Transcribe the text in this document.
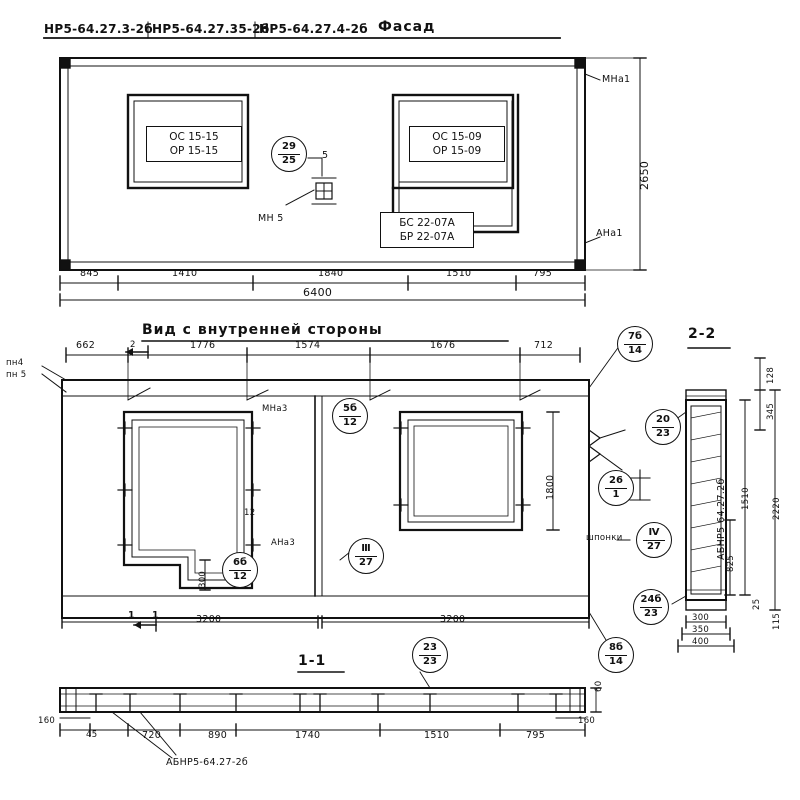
НР5-64.27.3-2б НР5-64.27.35-2б
НР5-64.27.4-2б Фасад
ОС 15-15
ОР 15-15
ОС 15-09
ОР 15-09
БС 22-07А
БР 22-07А
29
25	5
МН 5
МНа1
АНа1
845	1410	1840	1510	795
6400
2650
Вид с внутренней стороны
662	1776	1574	1676	712
пн4
пн 5
2
МНа3
АНа3
5б
12
6б
12
Ⅲ
27
7б
14
8б
14
20
23
24б
23
26
1
Ⅳ
27
шпонки
1800
300
3200	3200
1 1
12
2-2
АБНР5-64.27.2б
128
345
1510 2220
825
25
115
300
350
400
1-1
23
23
АБНР5-64.27-2б
160
45	720	890	1740	1510	795
160
60
